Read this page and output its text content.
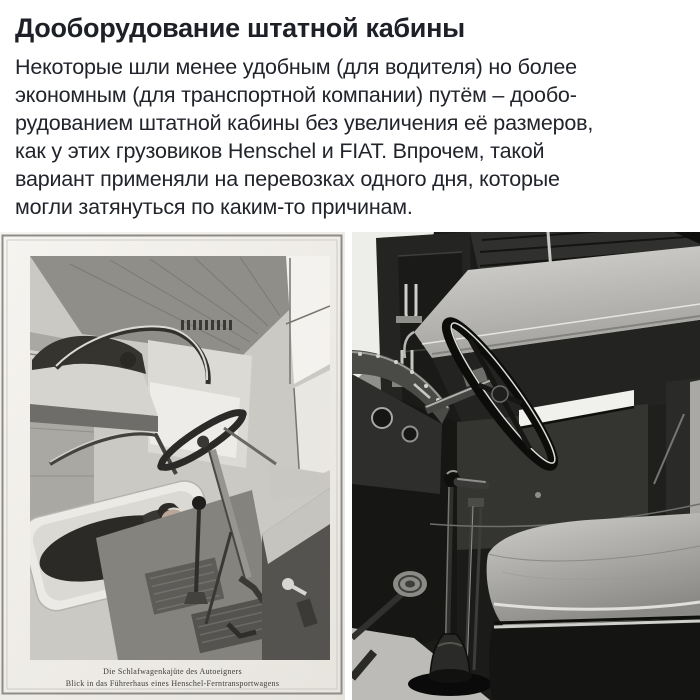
Дооборудование штатной кабины
Некоторые шли менее удобным (для водителя) но более
экономным (для транспортной компании) путём – дообо-
рудованием штатной кабины без увеличения её размеров,
как у этих грузовиков Henschel и FIAT. Впрочем, такой
вариант применяли на перевозках одного дня, которые
могли затянуться по каким-то причинам.
Die Schlafwagenkajüte des Autoeigners
Blick in das Führerhaus eines Henschel-Ferntransportwagens
